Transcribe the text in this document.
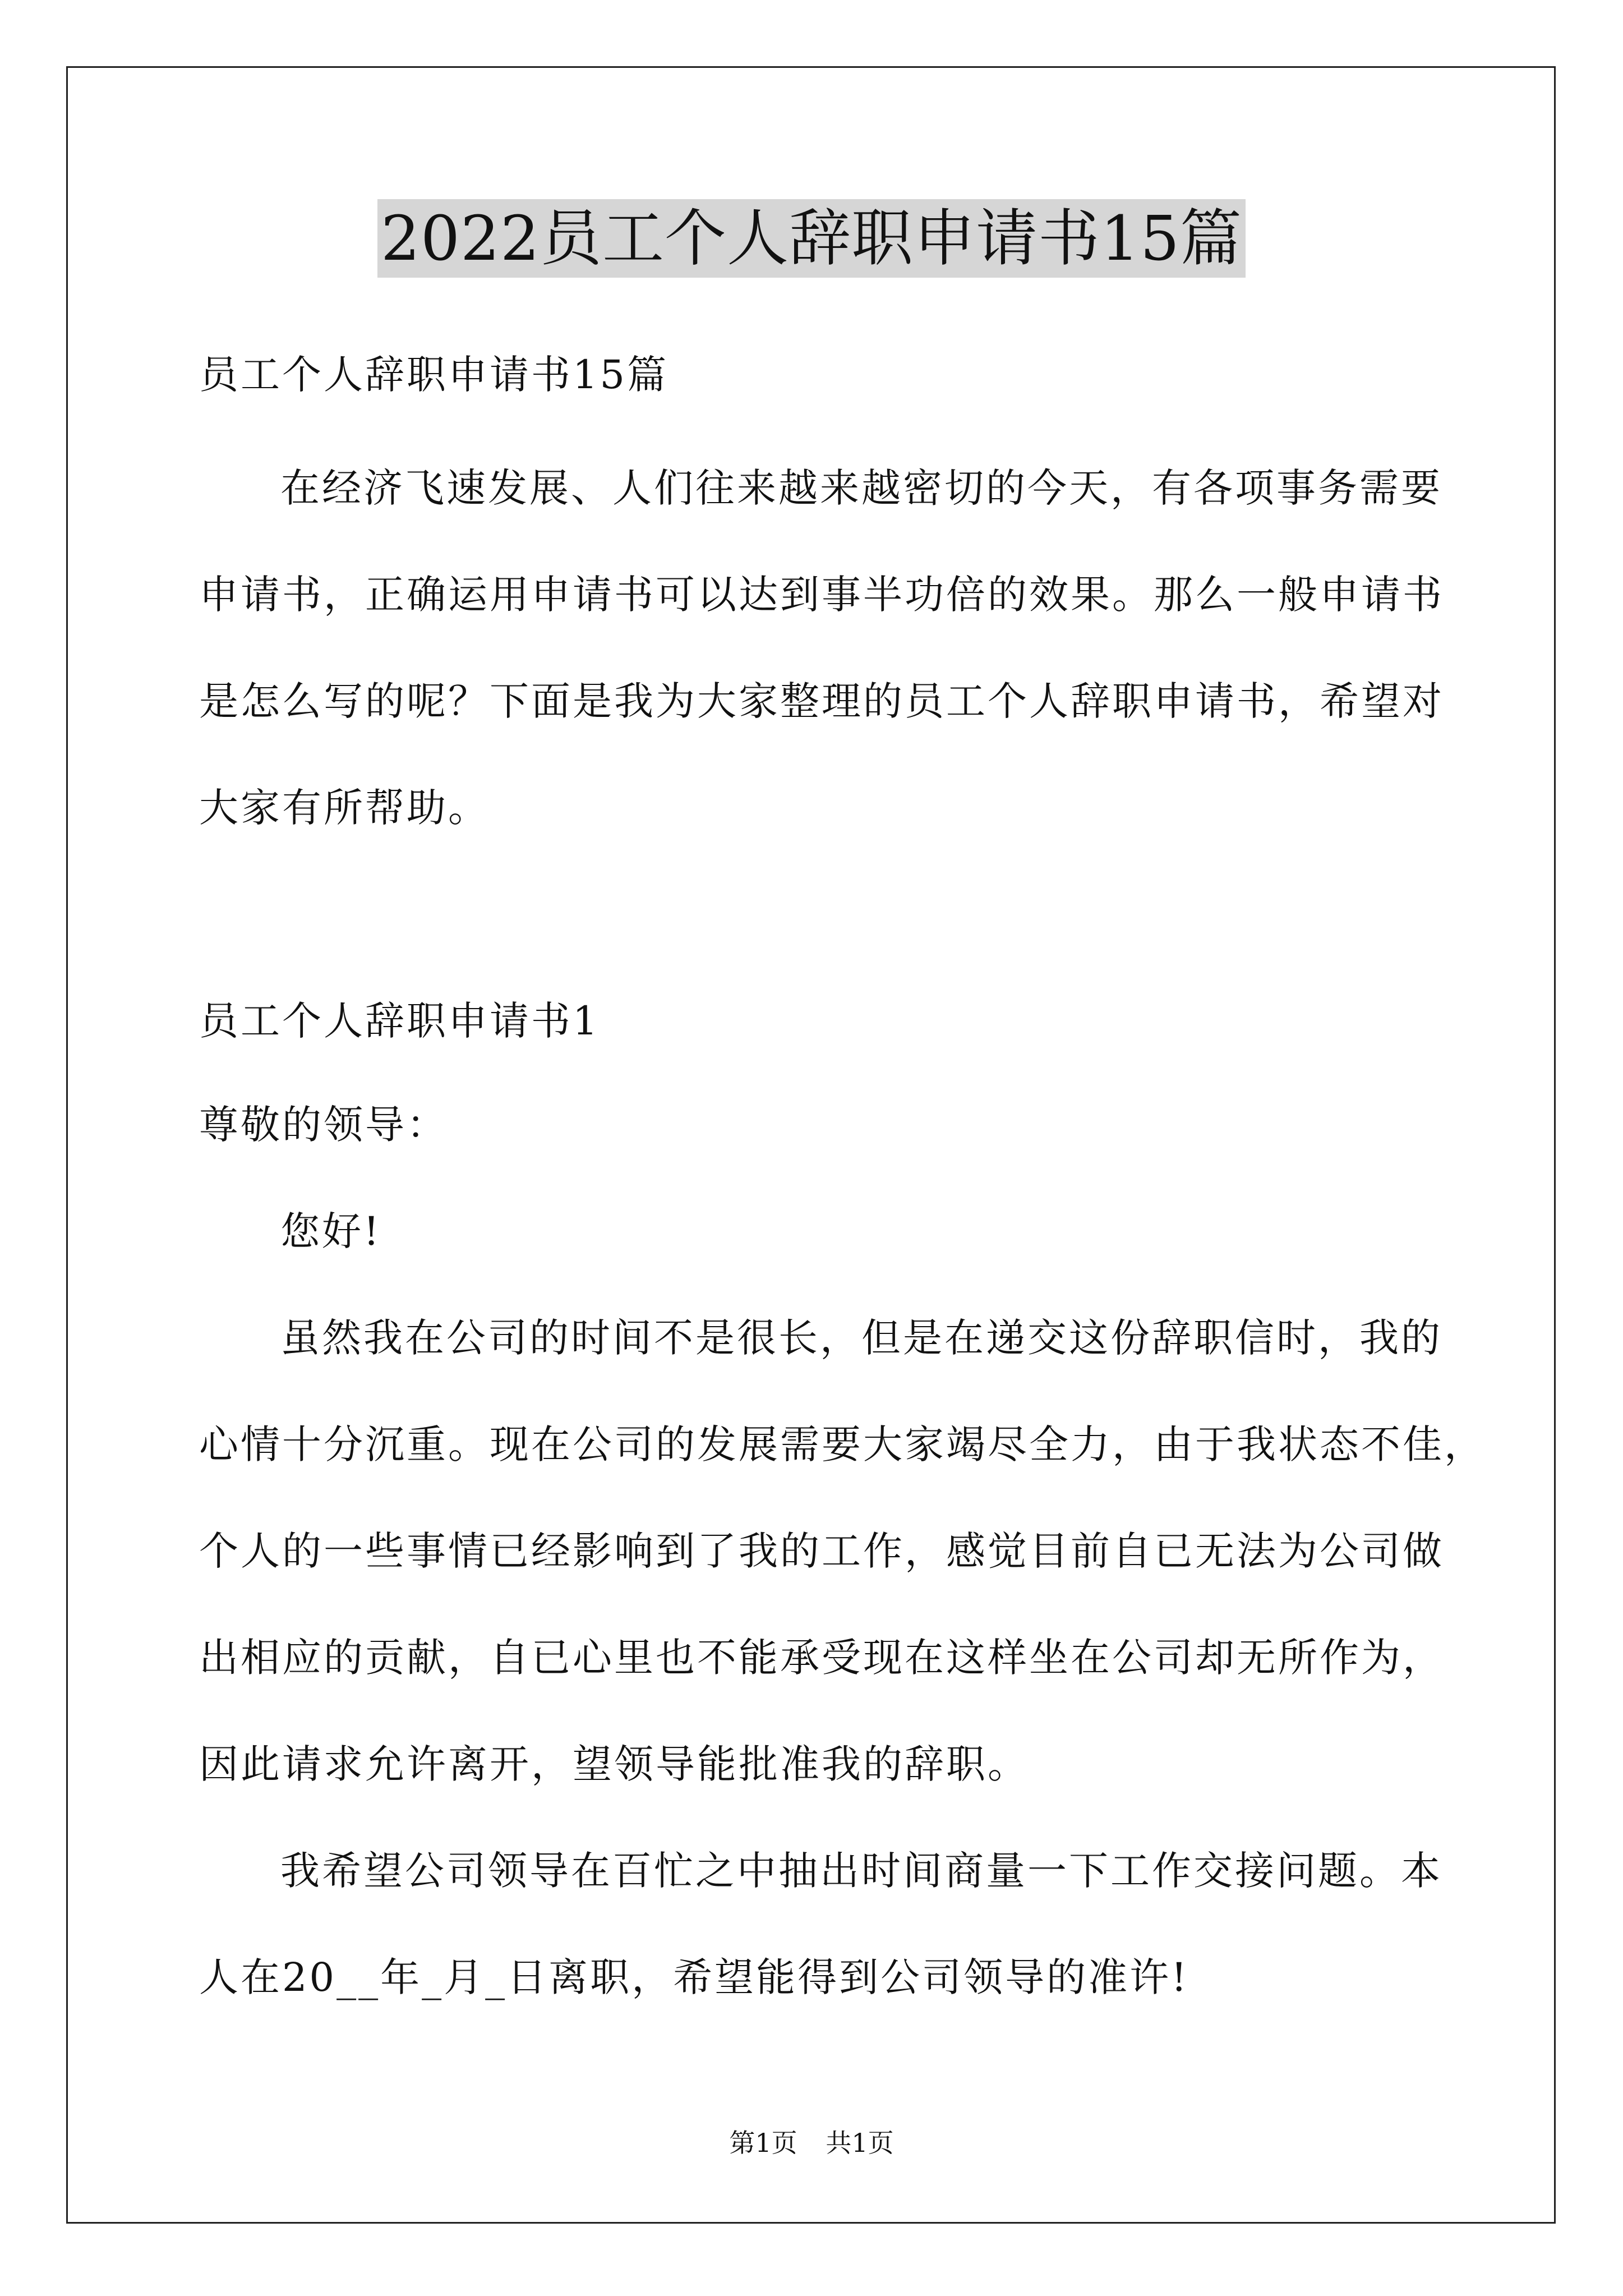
2022员工个人辞职申请书15篇
员工个人辞职申请书15篇
在经济飞速发展、人们往来越来越密切的今天，有各项事务需要
申请书，正确运用申请书可以达到事半功倍的效果。那么一般申请书
是怎么写的呢？下面是我为大家整理的员工个人辞职申请书，希望对
大家有所帮助。
员工个人辞职申请书1
尊敬的领导：
您好!
虽然我在公司的时间不是很长，但是在递交这份辞职信时，我的
心情十分沉重。现在公司的发展需要大家竭尽全力，由于我状态不佳，
个人的一些事情已经影响到了我的工作，感觉目前自已无法为公司做
出相应的贡献，自已心里也不能承受现在这样坐在公司却无所作为，
因此请求允许离开，望领导能批准我的辞职。
我希望公司领导在百忙之中抽出时间商量一下工作交接问题。本
人在20__年_月_日离职，希望能得到公司领导的准许!
第1页 共1页
